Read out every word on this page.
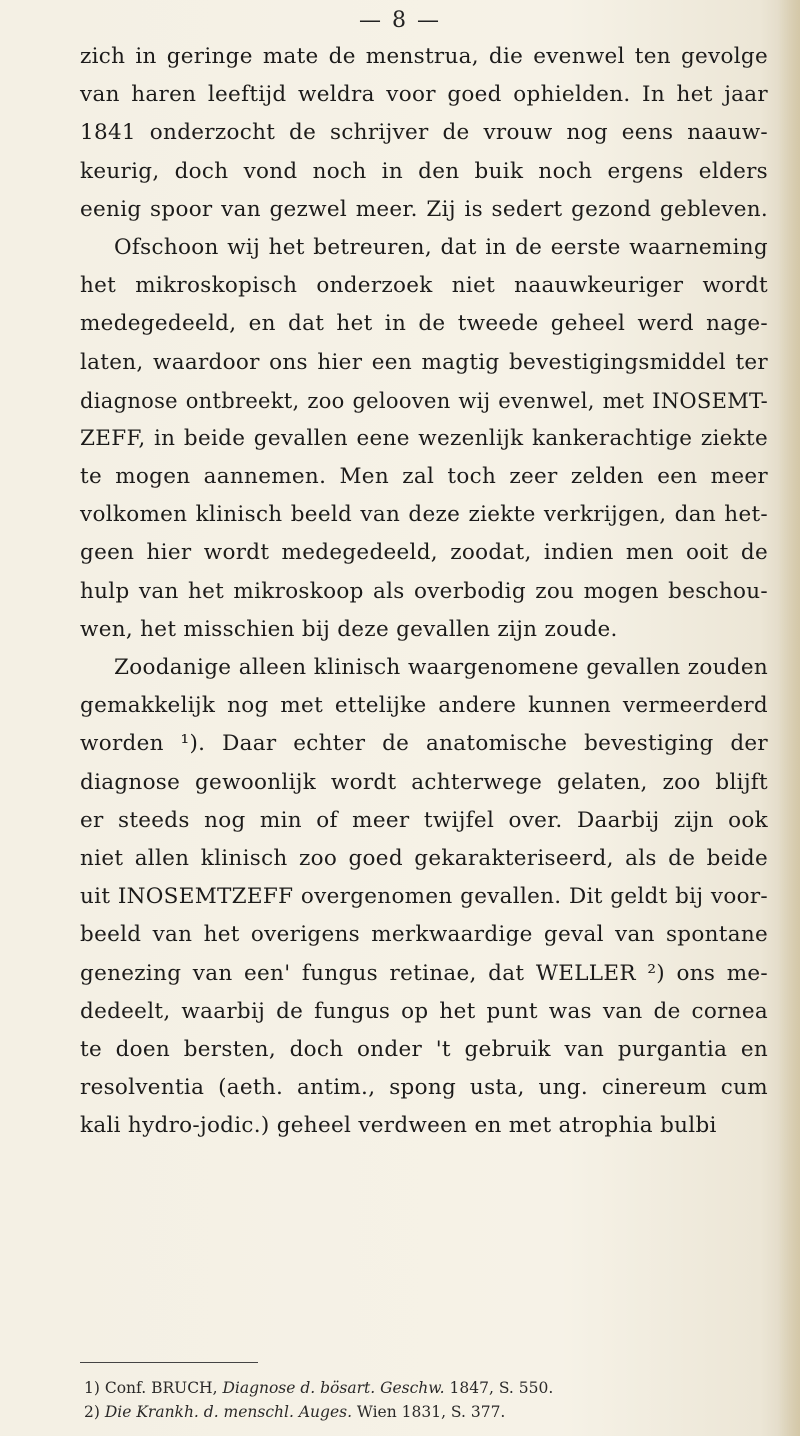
— 8 —
zich in geringe mate de menstrua, die evenwel ten gevolge
van haren leeftijd weldra voor goed ophielden. In het jaar
1841 onderzocht de schrijver de vrouw nog eens naauw-
keurig, doch vond noch in den buik noch ergens elders
eenig spoor van gezwel meer. Zij is sedert gezond gebleven.
Ofschoon wij het betreuren, dat in de eerste waarneming
het mikroskopisch onderzoek niet naauwkeuriger wordt
medegedeeld, en dat het in de tweede geheel werd nage-
laten, waardoor ons hier een magtig bevestigingsmiddel ter
diagnose ontbreekt, zoo gelooven wij evenwel, met INOSEMT-
ZEFF, in beide gevallen eene wezenlijk kankerachtige ziekte
te mogen aannemen. Men zal toch zeer zelden een meer
volkomen klinisch beeld van deze ziekte verkrijgen, dan het-
geen hier wordt medegedeeld, zoodat, indien men ooit de
hulp van het mikroskoop als overbodig zou mogen beschou-
wen, het misschien bij deze gevallen zijn zoude.
Zoodanige alleen klinisch waargenomene gevallen zouden
gemakkelijk nog met ettelijke andere kunnen vermeerderd
worden ¹). Daar echter de anatomische bevestiging der
diagnose gewoonlijk wordt achterwege gelaten, zoo blijft
er steeds nog min of meer twijfel over. Daarbij zijn ook
niet allen klinisch zoo goed gekarakteriseerd, als de beide
uit INOSEMTZEFF overgenomen gevallen. Dit geldt bij voor-
beeld van het overigens merkwaardige geval van spontane
genezing van een' fungus retinae, dat WELLER ²) ons me-
dedeelt, waarbij de fungus op het punt was van de cornea
te doen bersten, doch onder 't gebruik van purgantia en
resolventia (aeth. antim., spong usta, ung. cinereum cum
kali hydro-jodic.) geheel verdween en met atrophia bulbi
1) Conf. BRUCH, Diagnose d. bösart. Geschw. 1847, S. 550.
2) Die Krankh. d. menschl. Auges. Wien 1831, S. 377.
